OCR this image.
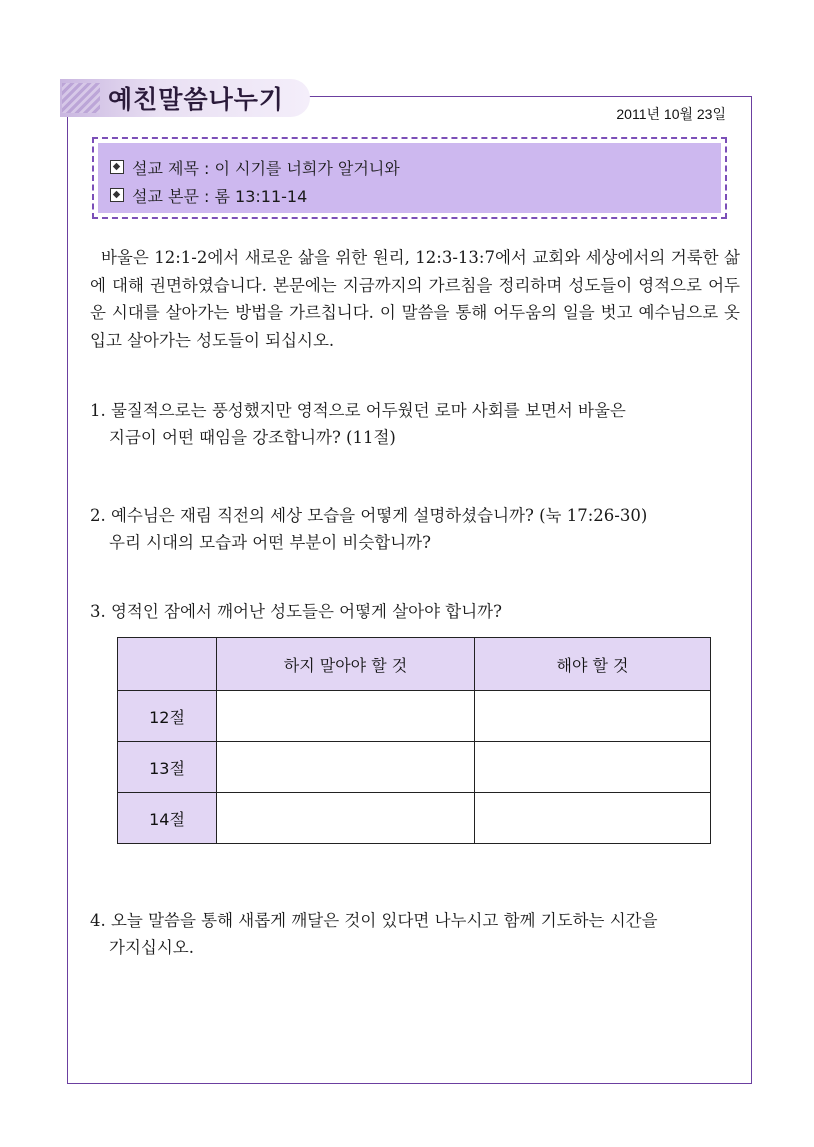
예친말씀나누기	2011년 10월 23일
설교 제목 : 이 시기를 너희가 알거니와
설교 본문 : 롬 13:11-14
바울은 12:1-2에서 새로운 삶을 위한 원리, 12:3-13:7에서 교회와 세상에서의 거룩한 삶에 대해 권면하였습니다. 본문에는 지금까지의 가르침을 정리하며 성도들이 영적으로 어두운 시대를 살아가는 방법을 가르칩니다. 이 말씀을 통해 어두움의 일을 벗고 예수님으로 옷 입고 살아가는 성도들이 되십시오.
1. 물질적으로는 풍성했지만 영적으로 어두웠던 로마 사회를 보면서 바울은
지금이 어떤 때임을 강조합니까? (11절)
2. 예수님은 재림 직전의 세상 모습을 어떻게 설명하셨습니까? (눅 17:26-30)
우리 시대의 모습과 어떤 부분이 비슷합니까?
3. 영적인 잠에서 깨어난 성도들은 어떻게 살아야 합니까?
	하지 말아야 할 것	해야 할 것
12절		
13절		
14절		
4. 오늘 말씀을 통해 새롭게 깨달은 것이 있다면 나누시고 함께 기도하는 시간을
가지십시오.
